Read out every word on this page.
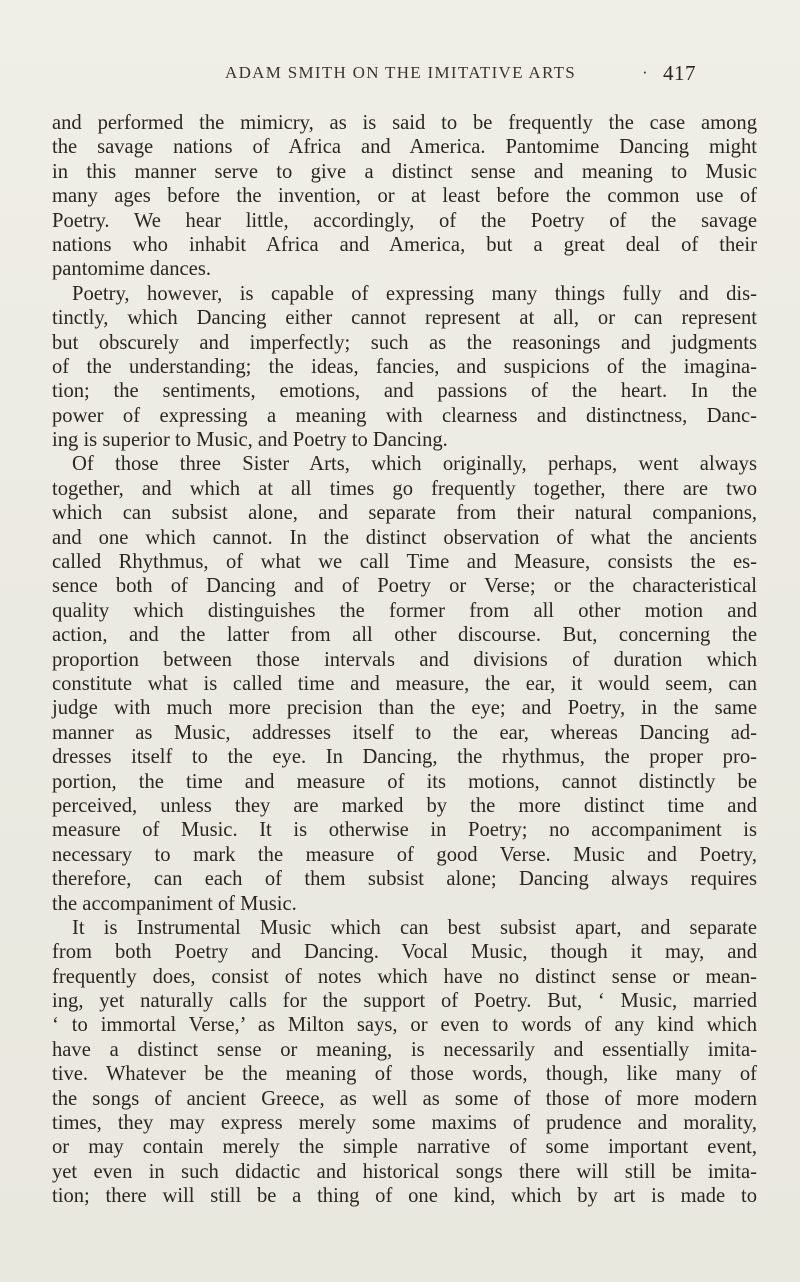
ADAM SMITH ON THE IMITATIVE ARTS	· 417
and performed the mimicry, as is said to be frequently the case among
the savage nations of Africa and America. Pantomime Dancing might
in this manner serve to give a distinct sense and meaning to Music
many ages before the invention, or at least before the common use of
Poetry. We hear little, accordingly, of the Poetry of the savage
nations who inhabit Africa and America, but a great deal of their
pantomime dances.
Poetry, however, is capable of expressing many things fully and dis-
tinctly, which Dancing either cannot represent at all, or can represent
but obscurely and imperfectly; such as the reasonings and judgments
of the understanding; the ideas, fancies, and suspicions of the imagina-
tion; the sentiments, emotions, and passions of the heart. In the
power of expressing a meaning with clearness and distinctness, Danc-
ing is superior to Music, and Poetry to Dancing.
Of those three Sister Arts, which originally, perhaps, went always
together, and which at all times go frequently together, there are two
which can subsist alone, and separate from their natural companions,
and one which cannot. In the distinct observation of what the ancients
called Rhythmus, of what we call Time and Measure, consists the es-
sence both of Dancing and of Poetry or Verse; or the characteristical
quality which distinguishes the former from all other motion and
action, and the latter from all other discourse. But, concerning the
proportion between those intervals and divisions of duration which
constitute what is called time and measure, the ear, it would seem, can
judge with much more precision than the eye; and Poetry, in the same
manner as Music, addresses itself to the ear, whereas Dancing ad-
dresses itself to the eye. In Dancing, the rhythmus, the proper pro-
portion, the time and measure of its motions, cannot distinctly be
perceived, unless they are marked by the more distinct time and
measure of Music. It is otherwise in Poetry; no accompaniment is
necessary to mark the measure of good Verse. Music and Poetry,
therefore, can each of them subsist alone; Dancing always requires
the accompaniment of Music.
It is Instrumental Music which can best subsist apart, and separate
from both Poetry and Dancing. Vocal Music, though it may, and
frequently does, consist of notes which have no distinct sense or mean-
ing, yet naturally calls for the support of Poetry. But, ‘ Music, married
‘ to immortal Verse,’ as Milton says, or even to words of any kind which
have a distinct sense or meaning, is necessarily and essentially imita-
tive. Whatever be the meaning of those words, though, like many of
the songs of ancient Greece, as well as some of those of more modern
times, they may express merely some maxims of prudence and morality,
or may contain merely the simple narrative of some important event,
yet even in such didactic and historical songs there will still be imita-
tion; there will still be a thing of one kind, which by art is made to
